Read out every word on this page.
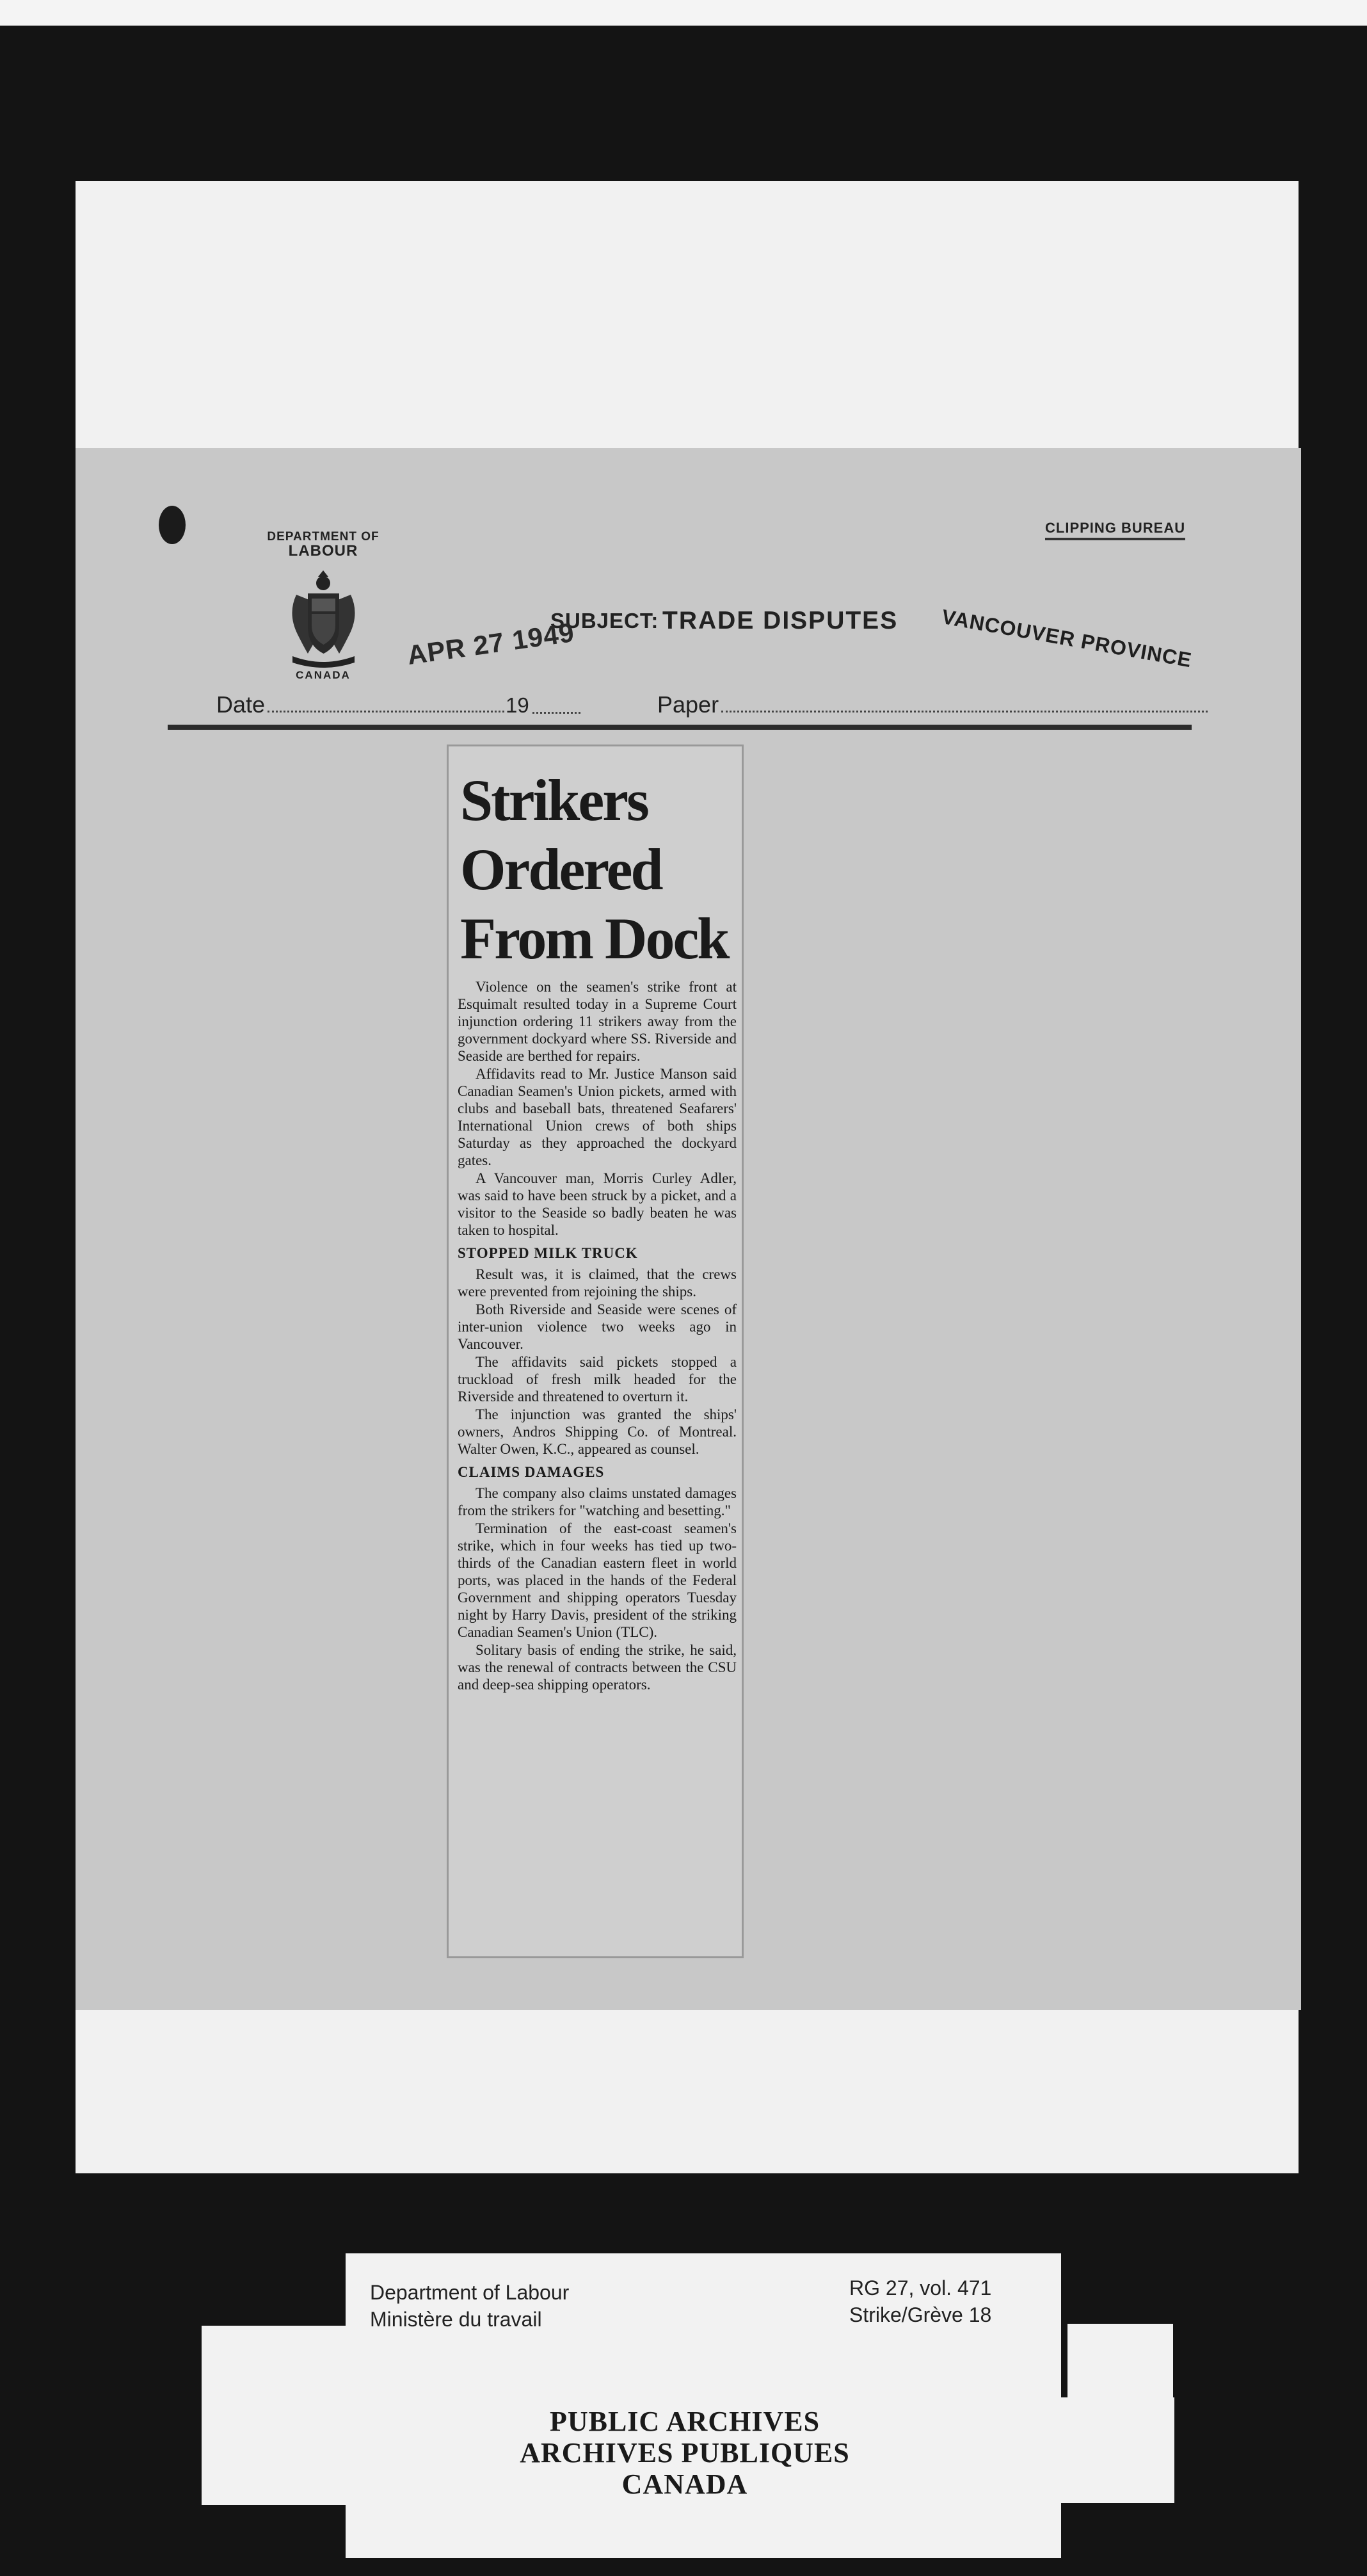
DEPARTMENT OF
LABOUR
CANADA
CLIPPING BUREAU
SUBJECT: TRADE DISPUTES
APR 27 1949	VANCOUVER PROVINCE
Date	19	Paper
Strikers
Ordered
From Dock

Violence on the seamen's strike front at Esquimalt resulted today in a Supreme Court injunction ordering 11 strikers away from the government dockyard where SS. Riverside and Seaside are berthed for repairs.

Affidavits read to Mr. Justice Manson said Canadian Seamen's Union pickets, armed with clubs and baseball bats, threatened Seafarers' International Union crews of both ships Saturday as they approached the dockyard gates.

A Vancouver man, Morris Curley Adler, was said to have been struck by a picket, and a visitor to the Seaside so badly beaten he was taken to hospital.

STOPPED MILK TRUCK

Result was, it is claimed, that the crews were prevented from rejoining the ships.

Both Riverside and Seaside were scenes of inter-union violence two weeks ago in Vancouver.

The affidavits said pickets stopped a truckload of fresh milk headed for the Riverside and threatened to overturn it.

The injunction was granted the ships' owners, Andros Shipping Co. of Montreal. Walter Owen, K.C., appeared as counsel.

CLAIMS DAMAGES

The company also claims unstated damages from the strikers for "watching and besetting."

Termination of the east-coast seamen's strike, which in four weeks has tied up two-thirds of the Canadian eastern fleet in world ports, was placed in the hands of the Federal Government and shipping operators Tuesday night by Harry Davis, president of the striking Canadian Seamen's Union (TLC).

Solitary basis of ending the strike, he said, was the renewal of contracts between the CSU and deep-sea shipping operators.

Department of Labour
Ministère du travail
RG 27, vol. 471
Strike/Grève 18
PUBLIC ARCHIVES
ARCHIVES PUBLIQUES
CANADA
